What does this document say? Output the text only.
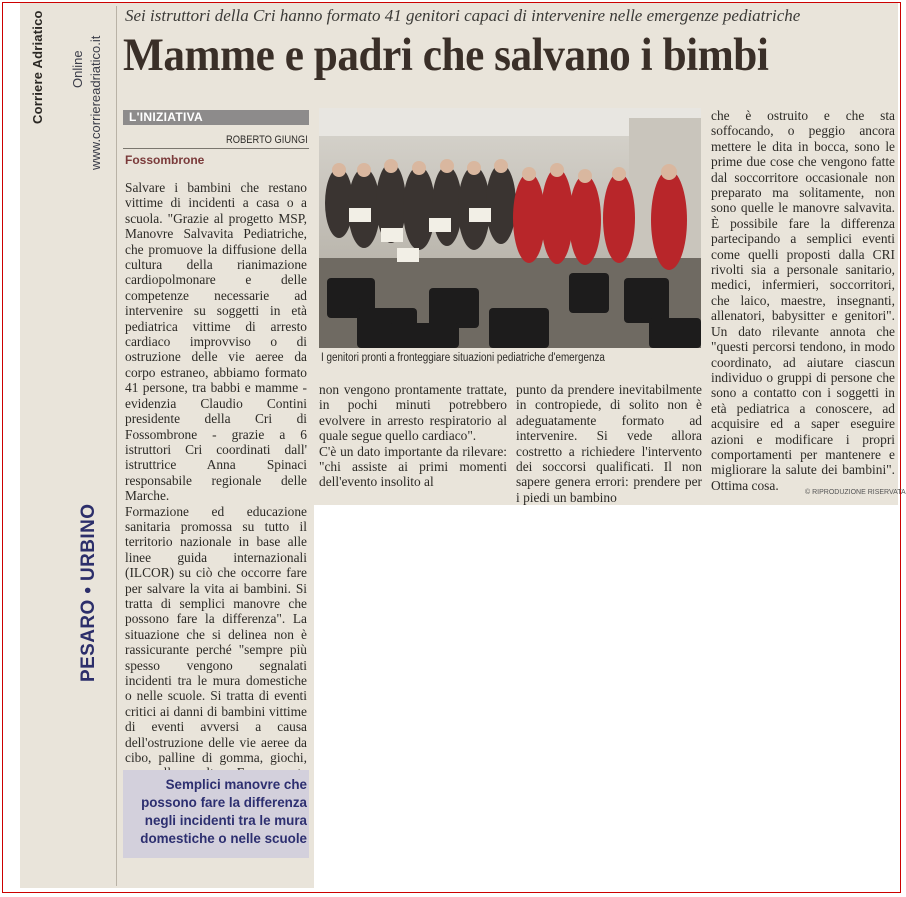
Corriere Adriatico Online www.corriereadriatico.it
PESARO • URBINO
Sei istruttori della Cri hanno formato 41 genitori capaci di intervenire nelle emergenze pediatriche
Mamme e padri che salvano i bimbi
L'INIZIATIVA
ROBERTO GIUNGI
Fossombrone

Salvare i bambini che restano vittime di incidenti a casa o a scuola. "Grazie al progetto MSP, Manovre Salvavita Pediatriche, che promuove la diffusione della cultura della rianimazione cardiopolmonare e delle competenze necessarie ad intervenire su soggetti in età pediatrica vittime di arresto cardiaco improvviso o di ostruzione delle vie aeree da corpo estraneo, abbiamo formato 41 persone, tra babbi e mamme - evidenzia Claudio Contini presidente della Cri di Fossombrone - grazie a 6 istruttori Cri coordinati dall' istruttrice Anna Spinaci responsabile regionale delle Marche.

Formazione ed educazione sanitaria promossa su tutto il territorio nazionale in base alle linee guida internazionali (ILCOR) su ciò che occorre fare per salvare la vita ai bambini. Si tratta di semplici manovre che possono fare la differenza". La situazione che si delinea non è rassicurante perché "sempre più spesso vengono segnalati incidenti tra le mura domestiche o nelle scuole. Si tratta di eventi critici ai danni di bambini vittime di eventi avversi a causa dell'ostruzione delle vie aeree da cibo, palline di gomma, giochi,

I genitori pronti a fronteggiare situazioni pediatriche d'emergenza

non vengono prontamente trattate, in pochi minuti potrebbero evolvere in arresto respiratorio al quale segue quello cardiaco".

C'è un dato importante da rilevare: "chi assiste ai primi momenti dell'evento insolito al

punto da prendere inevitabilmente in contropiede, di solito non è adeguatamente formato ad intervenire. Si vede allora costretto a richiedere l'intervento dei soccorsi qualificati. Il non sapere genera errori: prendere per i piedi un bambino

che è ostruito e che sta soffocando, o peggio ancora mettere le dita in bocca, sono le prime due cose che vengono fatte dal soccorritore occasionale non preparato ma solitamente, non sono quelle le manovre salvavita. È possibile fare la differenza partecipando a semplici eventi come quelli proposti dalla CRI rivolti sia a personale sanitario, medici, infermieri, soccorritori, che laico, maestre, insegnanti, allenatori, babysitter e genitori". Un dato rilevante annota che "questi percorsi tendono, in modo coordinato, ad aiutare ciascun individuo o gruppi di persone che sono a contatto con i soggetti in età pediatrica a conoscere, ad acquisire ed a saper eseguire azioni e modificare i propri comportamenti per mantenere e migliorare la salute dei bambini". Ottima cosa.	© RIPRODUZIONE RISERVATA
Semplici manovre che possono fare la differenza negli incidenti tra le mura domestiche o nelle scuole
